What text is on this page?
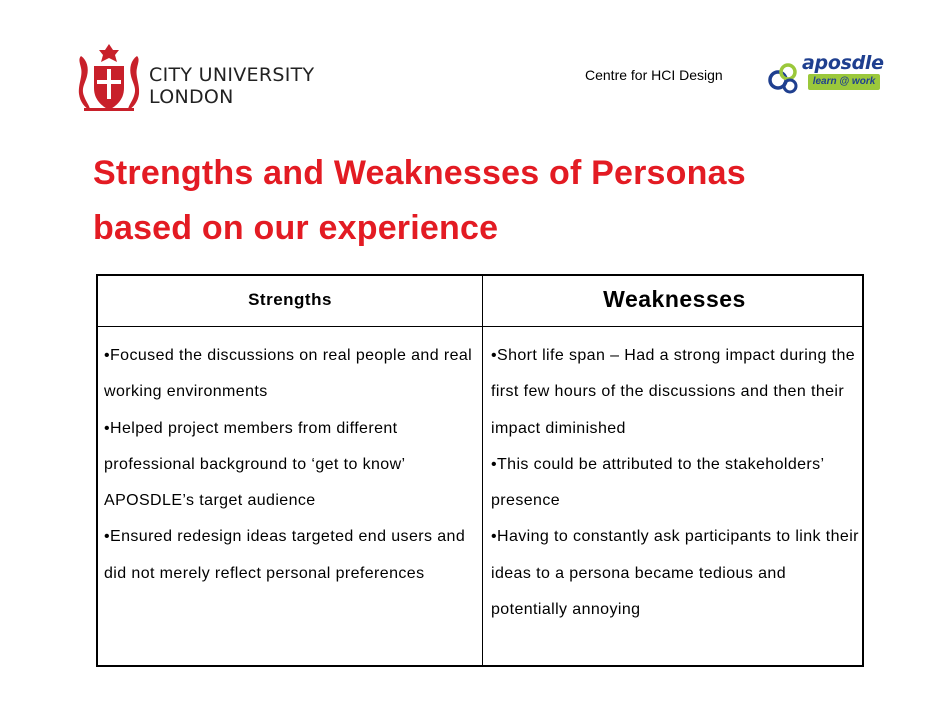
CITY UNIVERSITY
LONDON
Centre for HCI Design
aposdle
learn @ work
Strengths and Weaknesses of Personas
based on our experience
Strengths	Weaknesses

•Focused the discussions on real people and real working environments

•Helped project members from different professional background to ‘get to know’ APOSDLE’s target audience

•Ensured redesign ideas targeted end users and did not merely reflect personal preferences

•Short life span – Had a strong impact during the first few hours of the discussions and then their impact diminished

•This could be attributed to the stakeholders’ presence

•Having to constantly ask participants to link their ideas to a persona became tedious and potentially annoying
